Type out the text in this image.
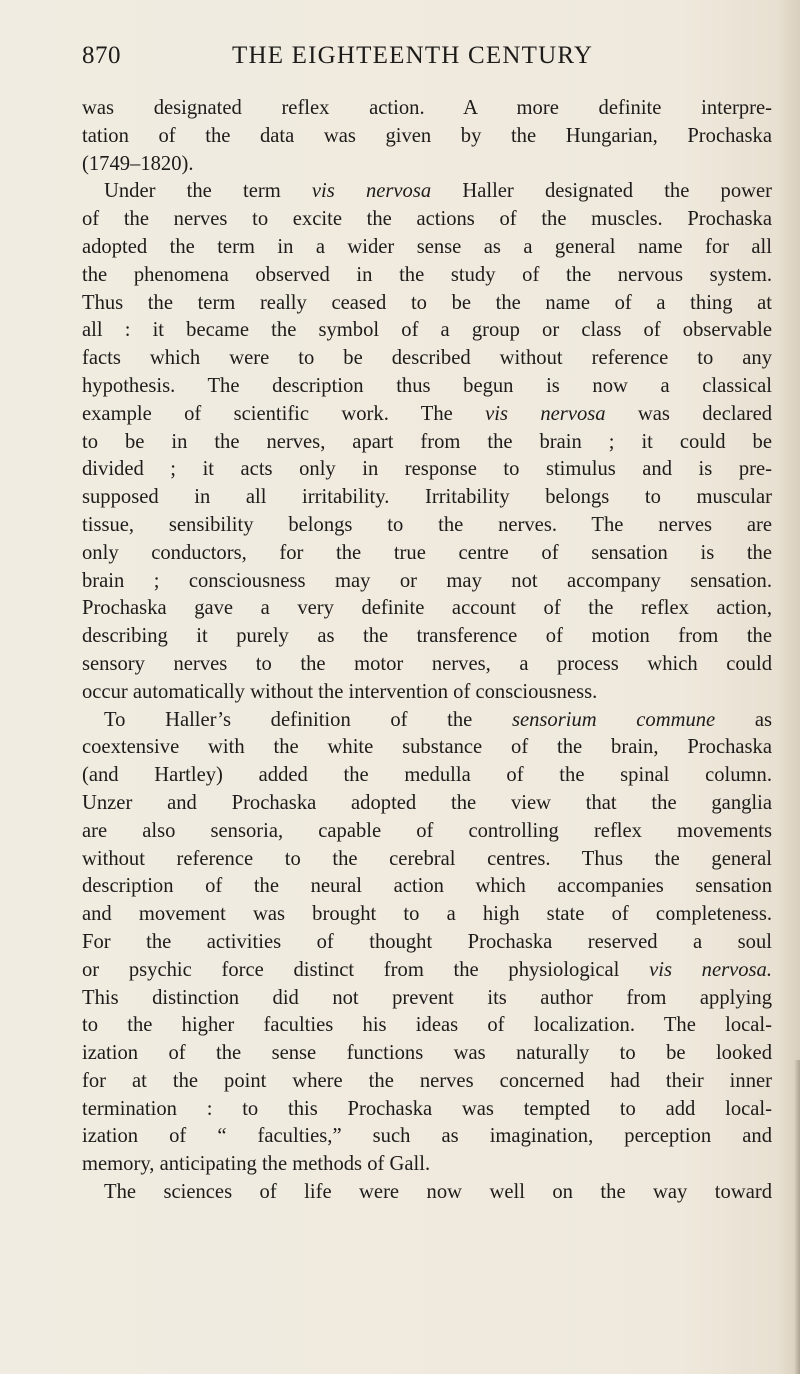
870	THE EIGHTEENTH CENTURY
was designated reflex action. A more definite interpre-
tation of the data was given by the Hungarian, Prochaska
(1749–1820).
Under the term vis nervosa Haller designated the power
of the nerves to excite the actions of the muscles. Prochaska
adopted the term in a wider sense as a general name for all
the phenomena observed in the study of the nervous system.
Thus the term really ceased to be the name of a thing at
all : it became the symbol of a group or class of observable
facts which were to be described without reference to any
hypothesis. The description thus begun is now a classical
example of scientific work. The vis nervosa was declared
to be in the nerves, apart from the brain ; it could be
divided ; it acts only in response to stimulus and is pre-
supposed in all irritability. Irritability belongs to muscular
tissue, sensibility belongs to the nerves. The nerves are
only conductors, for the true centre of sensation is the
brain ; consciousness may or may not accompany sensation.
Prochaska gave a very definite account of the reflex action,
describing it purely as the transference of motion from the
sensory nerves to the motor nerves, a process which could
occur automatically without the intervention of consciousness.
To Haller’s definition of the sensorium commune as
coextensive with the white substance of the brain, Prochaska
(and Hartley) added the medulla of the spinal column.
Unzer and Prochaska adopted the view that the ganglia
are also sensoria, capable of controlling reflex movements
without reference to the cerebral centres. Thus the general
description of the neural action which accompanies sensation
and movement was brought to a high state of completeness.
For the activities of thought Prochaska reserved a soul
or psychic force distinct from the physiological vis nervosa.
This distinction did not prevent its author from applying
to the higher faculties his ideas of localization. The local-
ization of the sense functions was naturally to be looked
for at the point where the nerves concerned had their inner
termination : to this Prochaska was tempted to add local-
ization of “ faculties,” such as imagination, perception and
memory, anticipating the methods of Gall.
The sciences of life were now well on the way toward
